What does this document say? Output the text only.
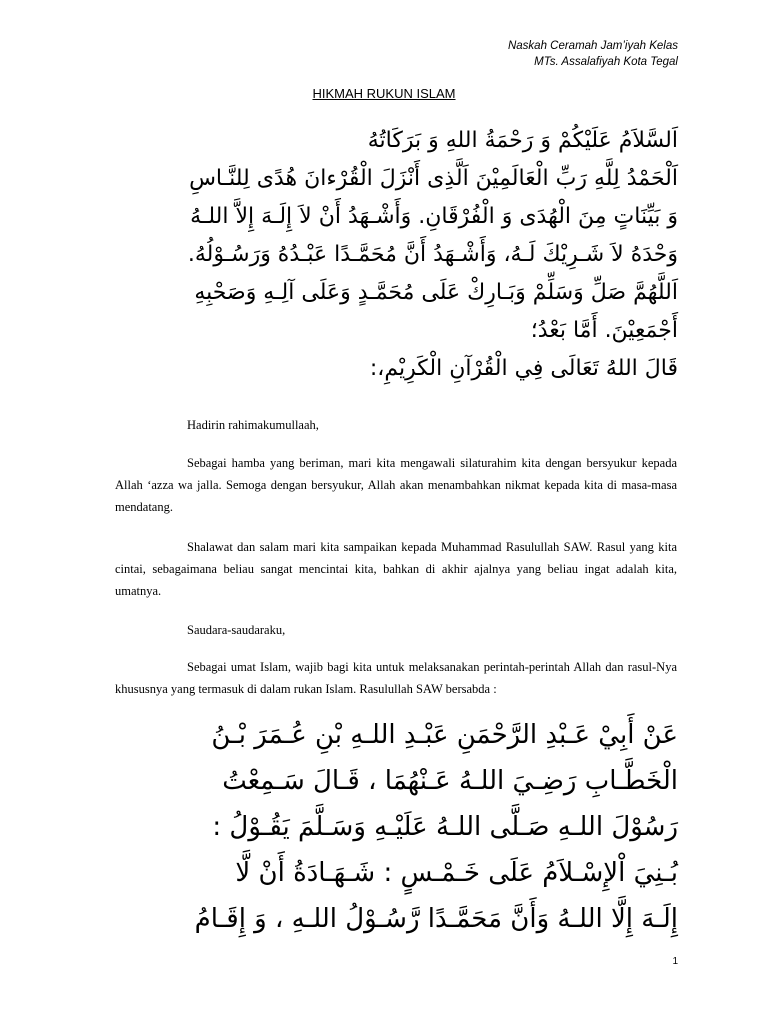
Naskah Ceramah Jam’iyah Kelas
MTs. Assalafiyah Kota Tegal
HIKMAH RUKUN ISLAM
اَلسَّلاَمُ عَلَيْكُمْ وَ رَحْمَةُ اللهِ وَ بَرَكَاتُهُ
اَلْحَمْدُ لِلَّهِ رَبِّ الْعَالَمِيْنَ اَلَّذِى أَنْزَلَ الْقُرْءانَ هُدًى لِلنَّـاسِ
وَ بَيِّنَاتٍ مِنَ الْهُدَى وَ الْفُرْقَانِ. وَأَشْـهَدُ أَنْ لاَ إِلَـهَ إِلاَّ اللـهُ
وَحْدَهُ لاَ شَـرِيْكَ لَـهُ، وَأَشْـهَدُ أَنَّ مُحَمَّـدًا عَبْـدُهُ وَرَسُـوْلُهُ.
اَللَّهُمَّ صَلِّ وَسَلِّمْ وَبَـارِكْ عَلَى مُحَمَّـدٍ وَعَلَى آلِـهِ وَصَحْبِهِ
أَجْمَعِيْنَ. أَمَّا بَعْدُ؛
قَالَ اللهُ تَعَالَى فِي الْقُرْآنِ الْكَرِيْمِ،:
Hadirin rahimakumullaah,
Sebagai hamba yang beriman, mari kita mengawali silaturahim kita dengan bersyukur kepada Allah ‘azza wa jalla. Semoga dengan bersyukur, Allah akan menambahkan nikmat kepada kita di masa-masa mendatang.
Shalawat dan salam mari kita sampaikan kepada Muhammad Rasulullah SAW. Rasul yang kita cintai, sebagaimana beliau sangat mencintai kita, bahkan di akhir ajalnya yang beliau ingat adalah kita, umatnya.
Saudara-saudaraku,
Sebagai umat Islam, wajib bagi kita untuk melaksanakan perintah-perintah Allah dan rasul-Nya khususnya yang termasuk di dalam rukan Islam. Rasulullah SAW bersabda :
عَنْ أَبِيْ عَـبْدِ الرَّحْمَنِ عَبْـدِ اللـهِ بْنِ عُـمَرَ بْـنُ
الْخَطَّـابِ رَضِـيَ اللـهُ عَـنْهُمَا ، قَـالَ سَـمِعْتُ
رَسُوْلَ اللـهِ صَـلَّى اللـهُ عَلَيْـهِ وَسَـلَّمَ يَقُـوْلُ :
بُـنِيَ اْلإِسْـلاَمُ عَلَى خَـمْـسٍ : شَـهَـادَةُ أَنْ لَّا
إِلَـهَ إِلَّا اللـهُ وَأَنَّ مَحَمَّـدًا رَّسُـوْلُ اللـهِ ، وَ إِقَـامُ
1
